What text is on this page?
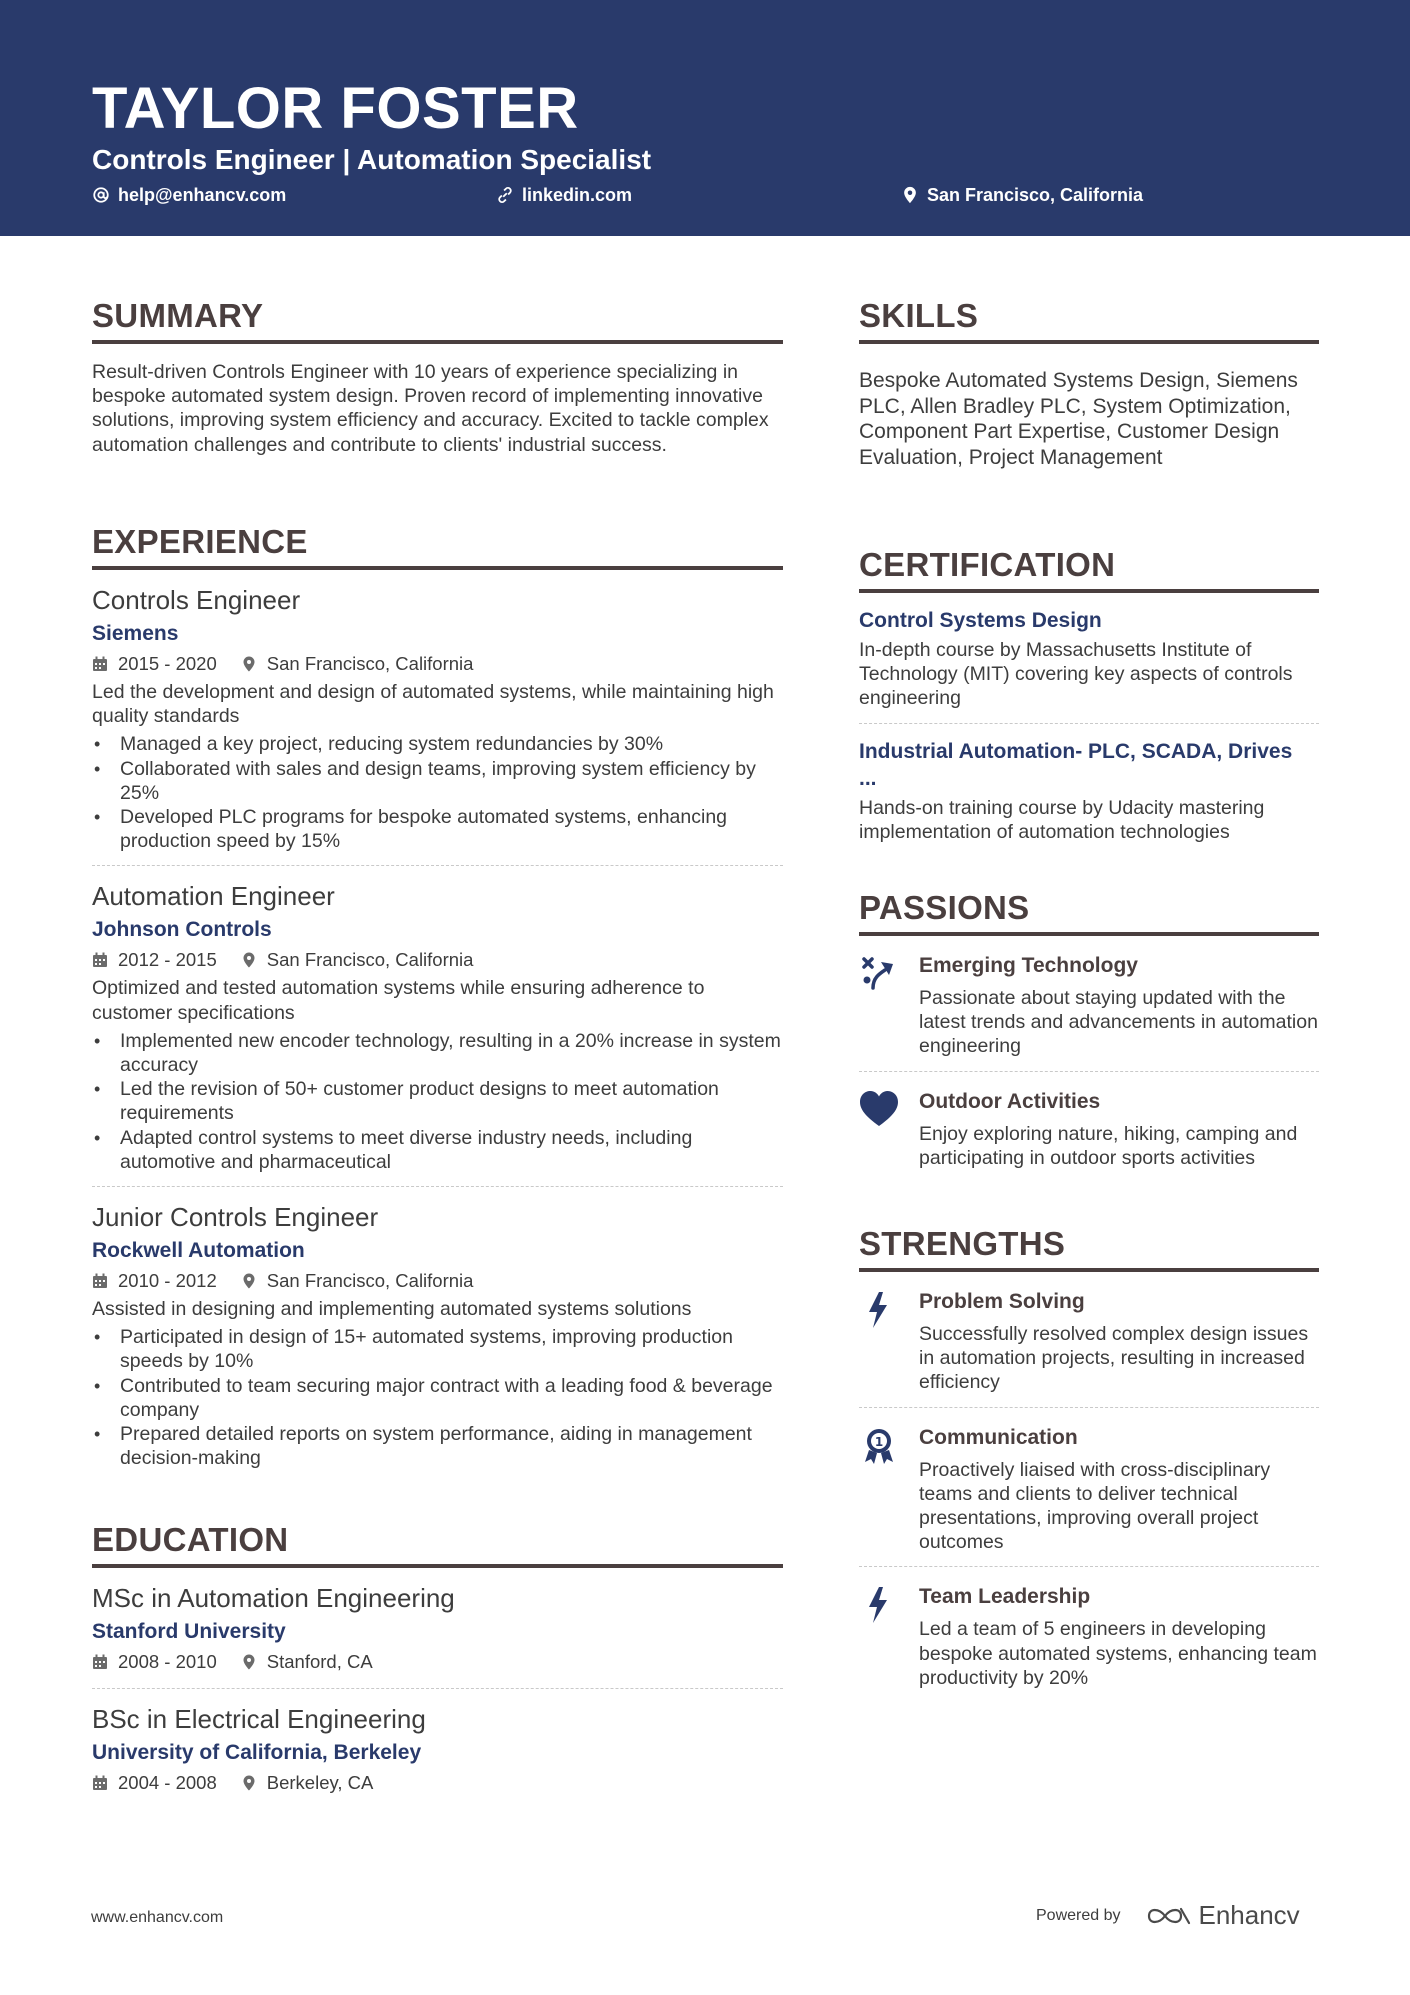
TAYLOR FOSTER
Controls Engineer | Automation Specialist
help@enhancv.com	linkedin.com	San Francisco, California
SUMMARY

Result-driven Controls Engineer with 10 years of experience specializing in bespoke automated system design. Proven record of implementing innovative solutions, improving system efficiency and accuracy. Excited to tackle complex automation challenges and contribute to clients' industrial success.

EXPERIENCE
Controls Engineer
Siemens
2015 - 2020	San Francisco, California
Led the development and design of automated systems, while maintaining high quality standards
• Managed a key project, reducing system redundancies by 30%
• Collaborated with sales and design teams, improving system efficiency by 25%
• Developed PLC programs for bespoke automated systems, enhancing production speed by 15%
Automation Engineer
Johnson Controls
2012 - 2015	San Francisco, California
Optimized and tested automation systems while ensuring adherence to customer specifications
• Implemented new encoder technology, resulting in a 20% increase in system accuracy
• Led the revision of 50+ customer product designs to meet automation requirements
• Adapted control systems to meet diverse industry needs, including automotive and pharmaceutical
Junior Controls Engineer
Rockwell Automation
2010 - 2012	San Francisco, California
Assisted in designing and implementing automated systems solutions
• Participated in design of 15+ automated systems, improving production speeds by 10%
• Contributed to team securing major contract with a leading food & beverage company
• Prepared detailed reports on system performance, aiding in management decision-making
EDUCATION
MSc in Automation Engineering
Stanford University
2008 - 2010	Stanford, CA
BSc in Electrical Engineering
University of California, Berkeley
2004 - 2008	Berkeley, CA
SKILLS

Bespoke Automated Systems Design, Siemens PLC, Allen Bradley PLC, System Optimization, Component Part Expertise, Customer Design Evaluation, Project Management

CERTIFICATION
Control Systems Design
In-depth course by Massachusetts Institute of Technology (MIT) covering key aspects of controls engineering
Industrial Automation- PLC, SCADA, Drives ...
Hands-on training course by Udacity mastering implementation of automation technologies
PASSIONS
Emerging Technology
Passionate about staying updated with the latest trends and advancements in automation engineering
Outdoor Activities
Enjoy exploring nature, hiking, camping and participating in outdoor sports activities
STRENGTHS
Problem Solving
Successfully resolved complex design issues in automation projects, resulting in increased efficiency
1 Communication
Proactively liaised with cross-disciplinary teams and clients to deliver technical presentations, improving overall project outcomes
Team Leadership
Led a team of 5 engineers in developing bespoke automated systems, enhancing team productivity by 20%
www.enhancv.com	Powered by	Enhancv
